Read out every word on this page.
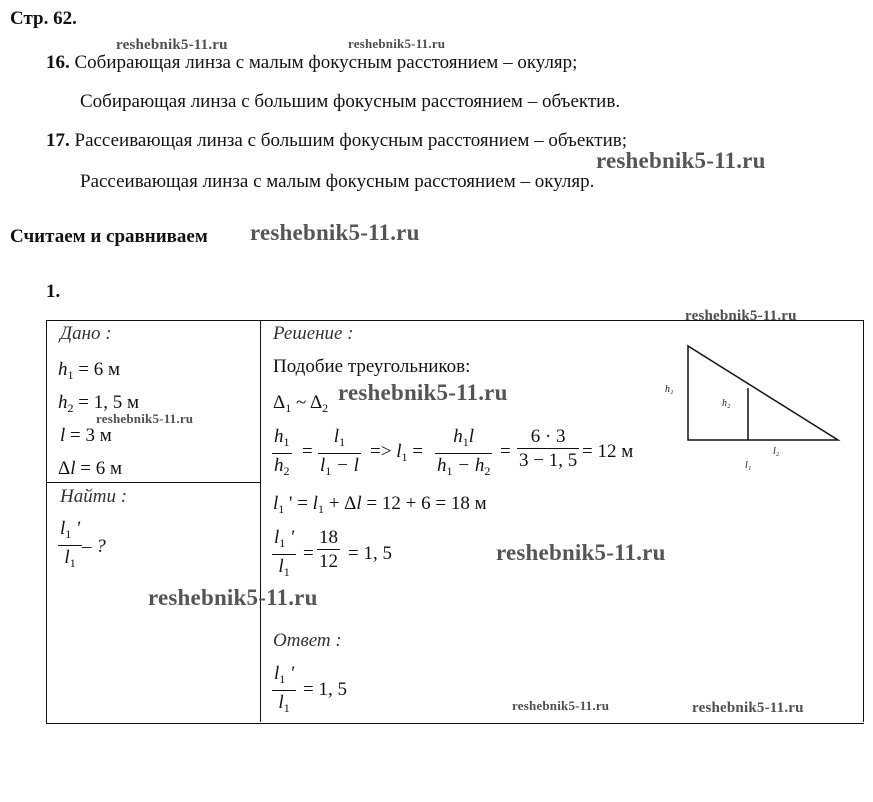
Стр. 62.
16. Собирающая линза с малым фокусным расстоянием – окуляр;
Собирающая линза с большим фокусным расстоянием – объектив.
17. Рассеивающая линза с большим фокусным расстоянием – объектив;
Рассеивающая линза с малым фокусным расстоянием – окуляр.
Считаем и сравниваем
1.
Дано :
$h_1 = 6$ м
$h_2 = 1$, 5 м
l = 3 м
Δl = 6 м
Найти :
$\frac{l_1 '}{l_1}$ – ?
Решение :
Подобие треугольников:
$\Delta_1$ ~ $\Delta_2$
$\frac{h_1}{h_2} = \frac{l_1}{l_1 - l} => l_1 = \frac{h_1l}{h_1 - h_2} = \frac{6 \cdot 3}{3 - 1, 5} = 12$ м
$l_1$ ' = $l_1 + \Delta l = 12 + 6 = 18$ м
$\frac{l_1 '}{l_1} = \frac{18}{12} = 1$, 5
Ответ :
$\frac{l_1 '}{l_1} = 1$, 5
h₁
h₂
l₂
l₁
reshebnik5-11.ru	reshebnik5-11.ru
reshebnik5-11.ru
reshebnik5-11.ru
reshebnik5-11.ru
reshebnik5-11.ru
reshebnik5-11.ru
reshebnik5-11.ru
reshebnik5-11.ru
reshebnik5-11.ru	reshebnik5-11.ru
